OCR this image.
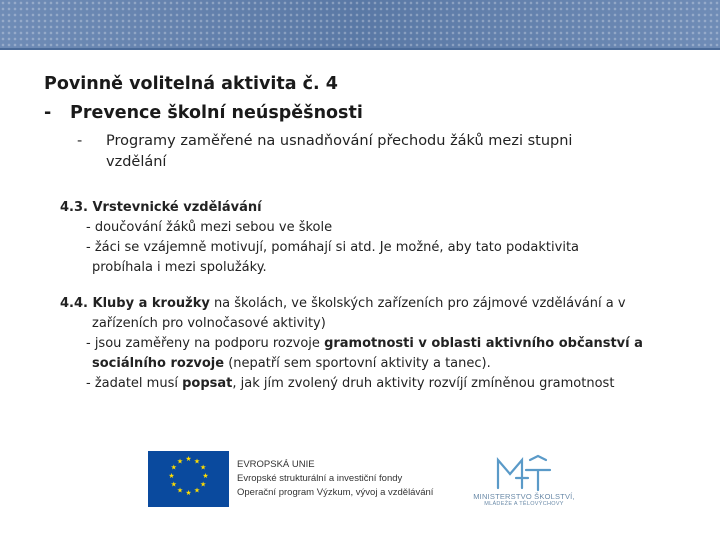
Povinně volitelná aktivita č. 4
- Prevence školní neúspěšnosti
- Programy zaměřené na usnadňování přechodu žáků mezi stupni
vzdělání
4.3. Vrstevnické vzdělávání
- doučování žáků mezi sebou ve škole
- žáci se vzájemně motivují, pomáhají si atd. Je možné, aby tato podaktivita
probíhala i mezi spolužáky.
4.4. Kluby a kroužky na školách, ve školských zařízeních pro zájmové vzdělávání a v
zařízeních pro volnočasové aktivity)
- jsou zaměřeny na podporu rozvoje gramotnosti v oblasti aktivního občanství a
sociálního rozvoje (nepatří sem sportovní aktivity a tanec).
- žadatel musí popsat, jak jím zvolený druh aktivity rozvíjí zmíněnou gramotnost
★ ★
★
★
★
★
★
★
★
★
★
★	EVROPSKÁ UNIE
Evropské strukturální a investiční fondy
Operační program Výzkum, vývoj a vzdělávání	MINISTERSTVO ŠKOLSTVÍ,
MLÁDEŽE A TĚLOVÝCHOVY
